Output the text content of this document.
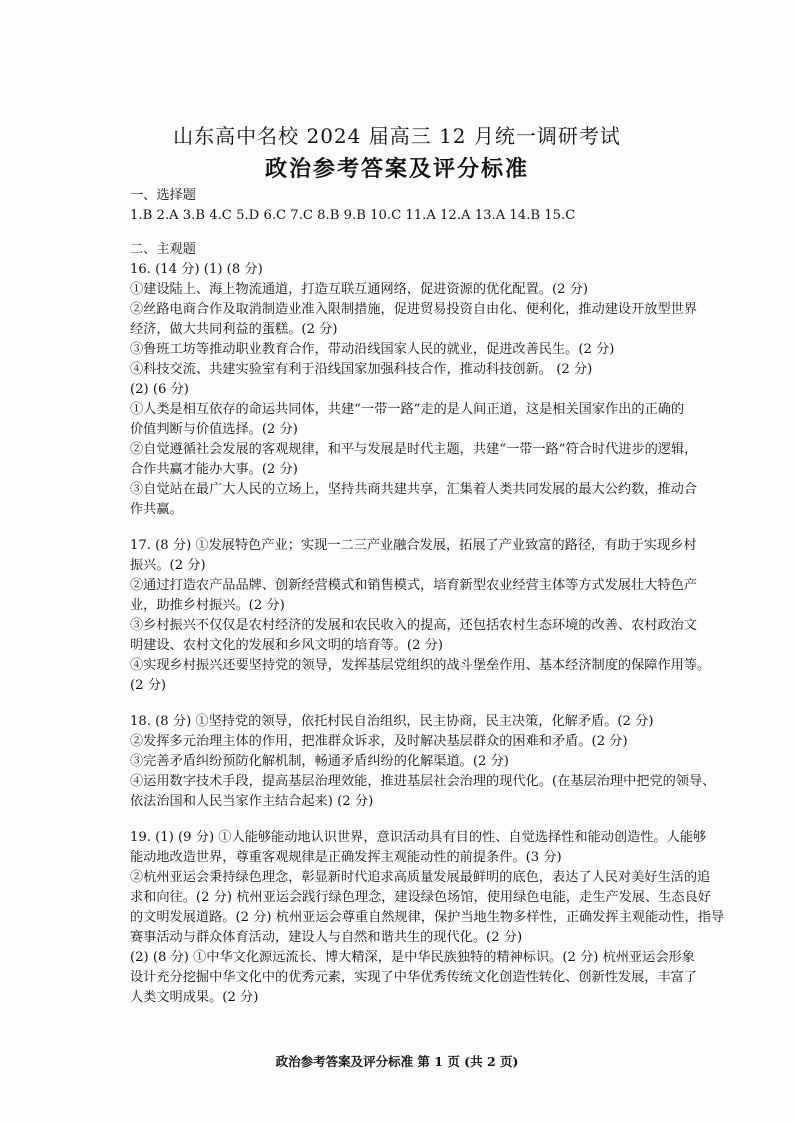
山东高中名校 2024 届高三 12 月统一调研考试
政治参考答案及评分标准
一、选择题
1.B 2.A 3.B 4.C 5.D 6.C 7.C 8.B 9.B 10.C 11.A 12.A 13.A 14.B 15.C
二、主观题
16. (14 分) (1) (8 分)
①建设陆上、海上物流通道，打造互联互通网络，促进资源的优化配置。(2 分)
②丝路电商合作及取消制造业准入限制措施，促进贸易投资自由化、便利化，推动建设开放型世界
经济，做大共同利益的蛋糕。(2 分)
③鲁班工坊等推动职业教育合作，带动沿线国家人民的就业，促进改善民生。(2 分)
④科技交流、共建实验室有利于沿线国家加强科技合作，推动科技创新。 (2 分)
(2) (6 分)
①人类是相互依存的命运共同体，共建“一带一路”走的是人间正道，这是相关国家作出的正确的
价值判断与价值选择。(2 分)
②自觉遵循社会发展的客观规律，和平与发展是时代主题，共建“一带一路”符合时代进步的逻辑，
合作共赢才能办大事。(2 分)
③自觉站在最广大人民的立场上，坚持共商共建共享，汇集着人类共同发展的最大公约数，推动合
作共赢。
17. (8 分) ①发展特色产业；实现一二三产业融合发展，拓展了产业致富的路径，有助于实现乡村
振兴。(2 分)
②通过打造农产品品牌、创新经营模式和销售模式，培育新型农业经营主体等方式发展壮大特色产
业，助推乡村振兴。(2 分)
③乡村振兴不仅仅是农村经济的发展和农民收入的提高，还包括农村生态环境的改善、农村政治文
明建设、农村文化的发展和乡风文明的培育等。(2 分)
④实现乡村振兴还要坚持党的领导，发挥基层党组织的战斗堡垒作用、基本经济制度的保障作用等。
(2 分)
18. (8 分) ①坚持党的领导，依托村民自治组织，民主协商，民主决策，化解矛盾。(2 分)
②发挥多元治理主体的作用，把准群众诉求，及时解决基层群众的困难和矛盾。(2 分)
③完善矛盾纠纷预防化解机制，畅通矛盾纠纷的化解渠道。(2 分)
④运用数字技术手段，提高基层治理效能，推进基层社会治理的现代化。(在基层治理中把党的领导、
依法治国和人民当家作主结合起来) (2 分)
19. (1) (9 分) ①人能够能动地认识世界，意识活动具有目的性、自觉选择性和能动创造性。人能够
能动地改造世界，尊重客观规律是正确发挥主观能动性的前提条件。(3 分)
②杭州亚运会秉持绿色理念，彰显新时代追求高质量发展最鲜明的底色，表达了人民对美好生活的追
求和向往。(2 分) 杭州亚运会践行绿色理念，建设绿色场馆，使用绿色电能，走生产发展、生态良好
的文明发展道路。(2 分) 杭州亚运会尊重自然规律，保护当地生物多样性，正确发挥主观能动性，指导
赛事活动与群众体育活动，建设人与自然和谐共生的现代化。(2 分)
(2) (8 分) ①中华文化源远流长、博大精深，是中华民族独特的精神标识。(2 分) 杭州亚运会形象
设计充分挖掘中华文化中的优秀元素，实现了中华优秀传统文化创造性转化、创新性发展，丰富了
人类文明成果。(2 分)
政治参考答案及评分标准 第 1 页 (共 2 页)
